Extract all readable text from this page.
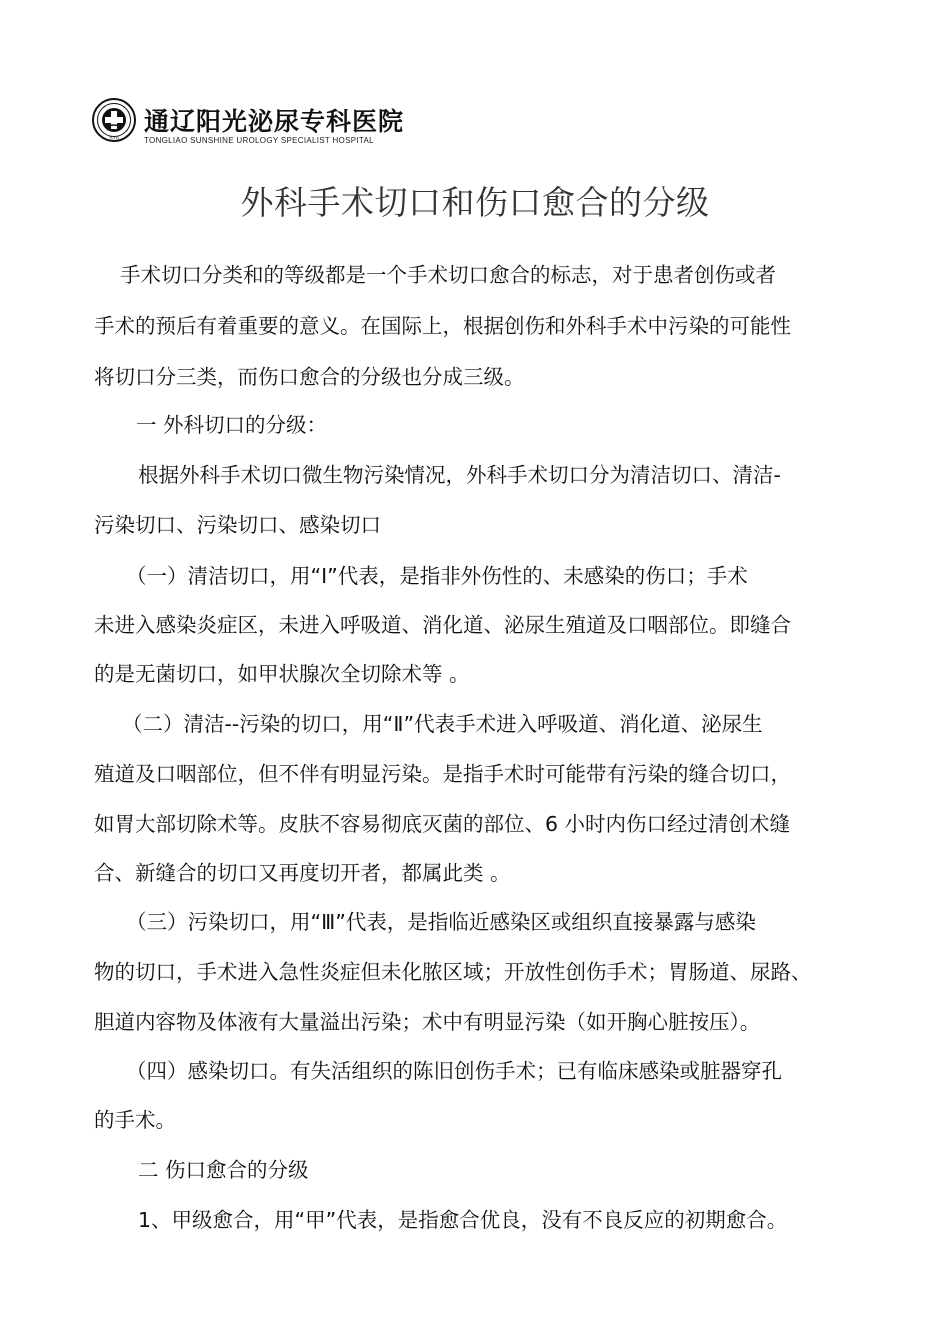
TLYG
通辽阳光泌尿专科医院
TONGLIAO SUNSHINE UROLOGY SPECIALIST HOSPITAL
外科手术切口和伤口愈合的分级
手术切口分类和的等级都是一个手术切口愈合的标志，对于患者创伤或者
手术的预后有着重要的意义。在国际上，根据创伤和外科手术中污染的可能性
将切口分三类，而伤口愈合的分级也分成三级。
一 外科切口的分级：
根据外科手术切口微生物污染情况，外科手术切口分为清洁切口、清洁-
污染切口、污染切口、感染切口
（一）清洁切口，用“Ⅰ”代表，是指非外伤性的、未感染的伤口；手术
未进入感染炎症区，未进入呼吸道、消化道、泌尿生殖道及口咽部位。即缝合
的是无菌切口，如甲状腺次全切除术等 。
（二）清洁--污染的切口，用“Ⅱ”代表手术进入呼吸道、消化道、泌尿生
殖道及口咽部位，但不伴有明显污染。是指手术时可能带有污染的缝合切口，
如胃大部切除术等。皮肤不容易彻底灭菌的部位、6 小时内伤口经过清创术缝
合、新缝合的切口又再度切开者，都属此类 。
（三）污染切口，用“Ⅲ”代表，是指临近感染区或组织直接暴露与感染
物的切口，手术进入急性炎症但未化脓区域；开放性创伤手术；胃肠道、尿路、
胆道内容物及体液有大量溢出污染；术中有明显污染（如开胸心脏按压）。
（四）感染切口。有失活组织的陈旧创伤手术；已有临床感染或脏器穿孔
的手术。
二 伤口愈合的分级
1、甲级愈合，用“甲”代表，是指愈合优良，没有不良反应的初期愈合。
